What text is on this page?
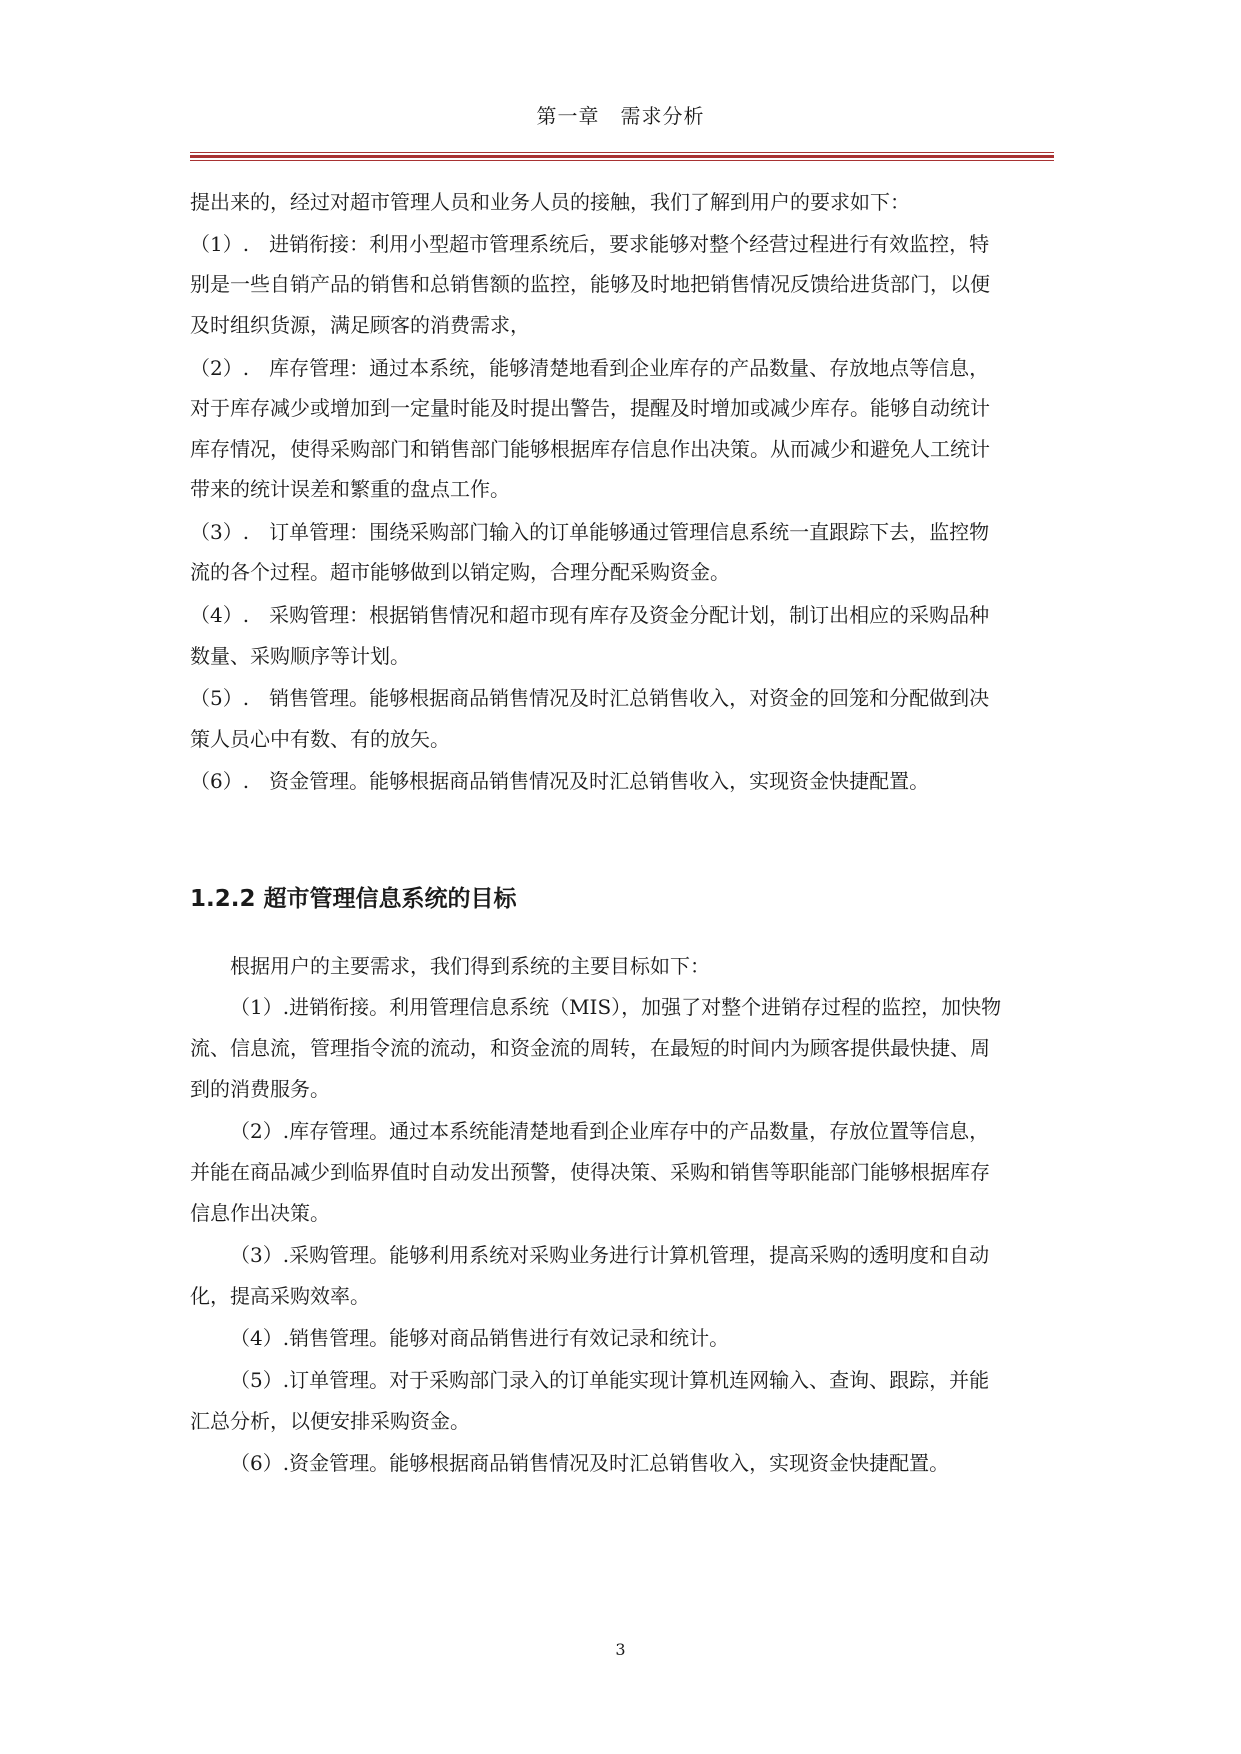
第一章　需求分析

提出来的，经过对超市管理人员和业务人员的接触，我们了解到用户的要求如下：

（1）.　进销衔接：利用小型超市管理系统后，要求能够对整个经营过程进行有效监控，特

别是一些自销产品的销售和总销售额的监控，能够及时地把销售情况反馈给进货部门，以便

及时组织货源，满足顾客的消费需求，

（2）.　库存管理：通过本系统，能够清楚地看到企业库存的产品数量、存放地点等信息，

对于库存减少或增加到一定量时能及时提出警告，提醒及时增加或减少库存。能够自动统计

库存情况，使得采购部门和销售部门能够根据库存信息作出决策。从而减少和避免人工统计

带来的统计误差和繁重的盘点工作。

（3）.　订单管理：围绕采购部门输入的订单能够通过管理信息系统一直跟踪下去，监控物

流的各个过程。超市能够做到以销定购，合理分配采购资金。

（4）.　采购管理：根据销售情况和超市现有库存及资金分配计划，制订出相应的采购品种

数量、采购顺序等计划。

（5）.　销售管理。能够根据商品销售情况及时汇总销售收入，对资金的回笼和分配做到决

策人员心中有数、有的放矢。

（6）.　资金管理。能够根据商品销售情况及时汇总销售收入，实现资金快捷配置。

1.2.2 超市管理信息系统的目标

根据用户的主要需求，我们得到系统的主要目标如下：

（1）.进销衔接。利用管理信息系统（MIS），加强了对整个进销存过程的监控，加快物

流、信息流，管理指令流的流动，和资金流的周转，在最短的时间内为顾客提供最快捷、周

到的消费服务。

（2）.库存管理。通过本系统能清楚地看到企业库存中的产品数量，存放位置等信息，

并能在商品减少到临界值时自动发出预警，使得决策、采购和销售等职能部门能够根据库存

信息作出决策。

（3）.采购管理。能够利用系统对采购业务进行计算机管理，提高采购的透明度和自动

化，提高采购效率。

（4）.销售管理。能够对商品销售进行有效记录和统计。

（5）.订单管理。对于采购部门录入的订单能实现计算机连网输入、查询、跟踪，并能

汇总分析，以便安排采购资金。

（6）.资金管理。能够根据商品销售情况及时汇总销售收入，实现资金快捷配置。

3
